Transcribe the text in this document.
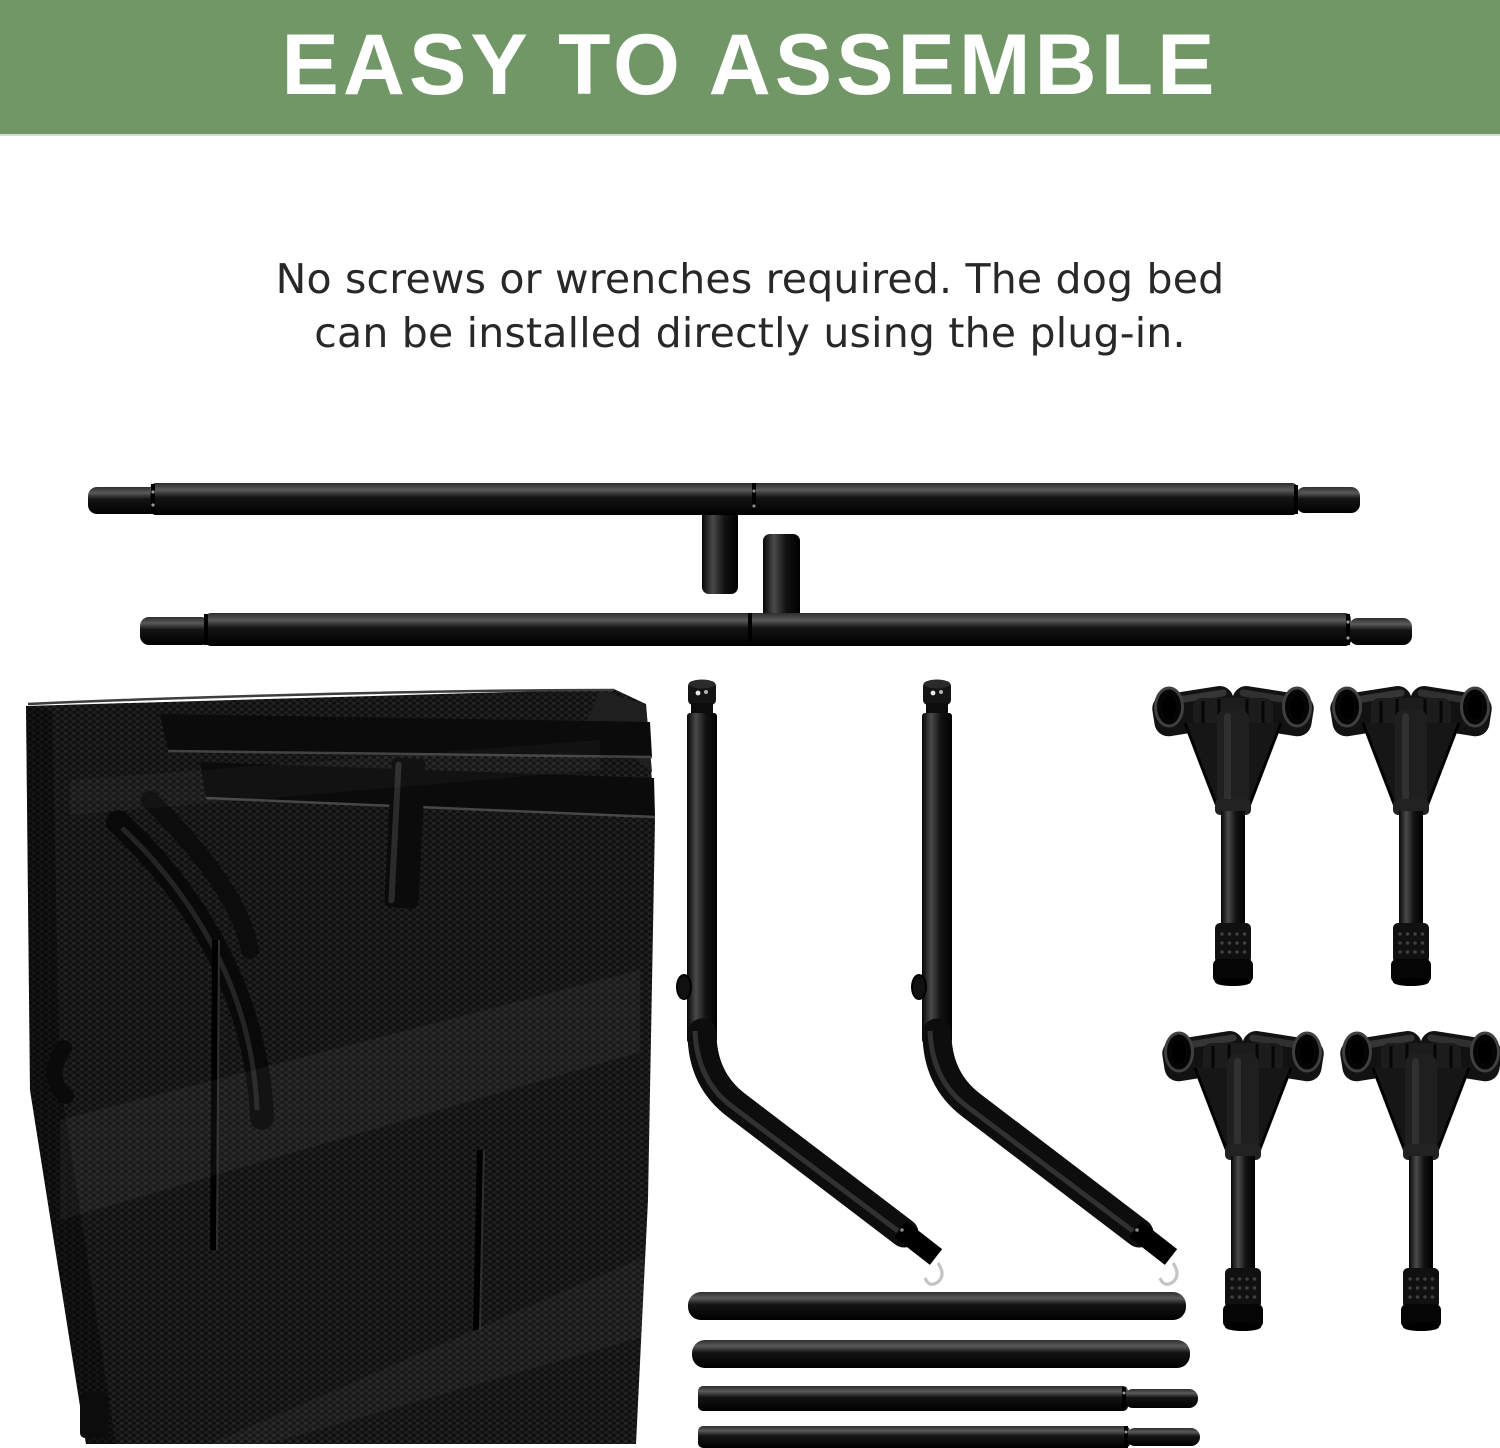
EASY TO ASSEMBLE
No screws or wrenches required. The dog bed
can be installed directly using the plug-in.
